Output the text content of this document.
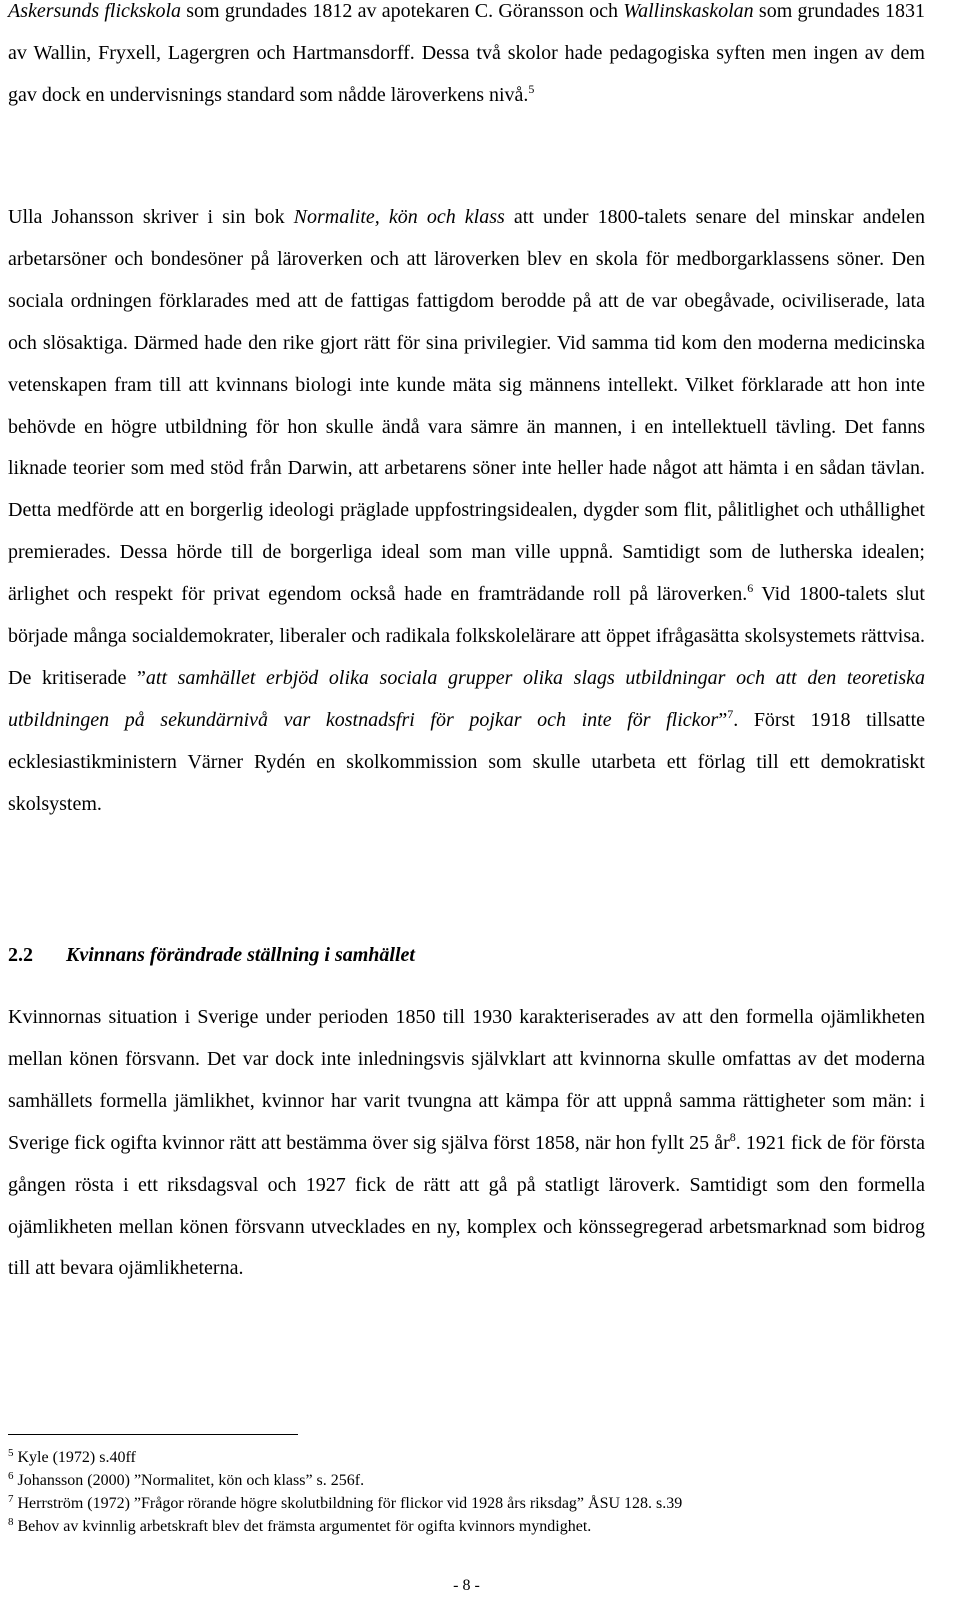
Askersunds flickskola som grundades 1812 av apotekaren C. Göransson och Wallinskaskolan som grundades 1831 av Wallin, Fryxell, Lagergren och Hartmansdorff. Dessa två skolor hade pedagogiska syften men ingen av dem gav dock en undervisnings standard som nådde läroverkens nivå.$^5$

Ulla Johansson skriver i sin bok Normalite, kön och klass att under 1800-talets senare del minskar andelen arbetarsöner och bondesöner på läroverken och att läroverken blev en skola för medborgarklassens söner. Den sociala ordningen förklarades med att de fattigas fattigdom berodde på att de var obegåvade, ociviliserade, lata och slösaktiga. Därmed hade den rike gjort rätt för sina privilegier. Vid samma tid kom den moderna medicinska vetenskapen fram till att kvinnans biologi inte kunde mäta sig männens intellekt. Vilket förklarade att hon inte behövde en högre utbildning för hon skulle ändå vara sämre än mannen, i en intellektuell tävling. Det fanns liknade teorier som med stöd från Darwin, att arbetarens söner inte heller hade något att hämta i en sådan tävlan. Detta medförde att en borgerlig ideologi präglade uppfostringsidealen, dygder som flit, pålitlighet och uthållighet premierades. Dessa hörde till de borgerliga ideal som man ville uppnå. Samtidigt som de lutherska idealen; ärlighet och respekt för privat egendom också hade en framträdande roll på läroverken.$^6$ Vid 1800-talets slut började många socialdemokrater, liberaler och radikala folkskolelärare att öppet ifrågasätta skolsystemets rättvisa. De kritiserade ”att samhället erbjöd olika sociala grupper olika slags utbildningar och att den teoretiska utbildningen på sekundärnivå var kostnadsfri för pojkar och inte för flickor”$^7$. Först 1918 tillsatte ecklesiastikministern Värner Rydén en skolkommission som skulle utarbeta ett förlag till ett demokratiskt skolsystem.

2.2 Kvinnans förändrade ställning i samhället

Kvinnornas situation i Sverige under perioden 1850 till 1930 karakteriserades av att den formella ojämlikheten mellan könen försvann. Det var dock inte inledningsvis självklart att kvinnorna skulle omfattas av det moderna samhällets formella jämlikhet, kvinnor har varit tvungna att kämpa för att uppnå samma rättigheter som män: i Sverige fick ogifta kvinnor rätt att bestämma över sig själva först 1858, när hon fyllt 25 $år^8$. 1921 fick de för första gången rösta i ett riksdagsval och 1927 fick de rätt att gå på statligt läroverk. Samtidigt som den formella ojämlikheten mellan könen försvann utvecklades en ny, komplex och könssegregerad arbetsmarknad som bidrog till att bevara ojämlikheterna.

$^5$ Kyle (1972) s.40ff
$^6$ Johansson (2000) ”Normalitet, kön och klass” s. 256f.
$^7$ Herrström (1972) ”Frågor rörande högre skolutbildning för flickor vid 1928 års riksdag” ÅSU 128. s.39
$^8$ Behov av kvinnlig arbetskraft blev det främsta argumentet för ogifta kvinnors myndighet.
- 8 -
